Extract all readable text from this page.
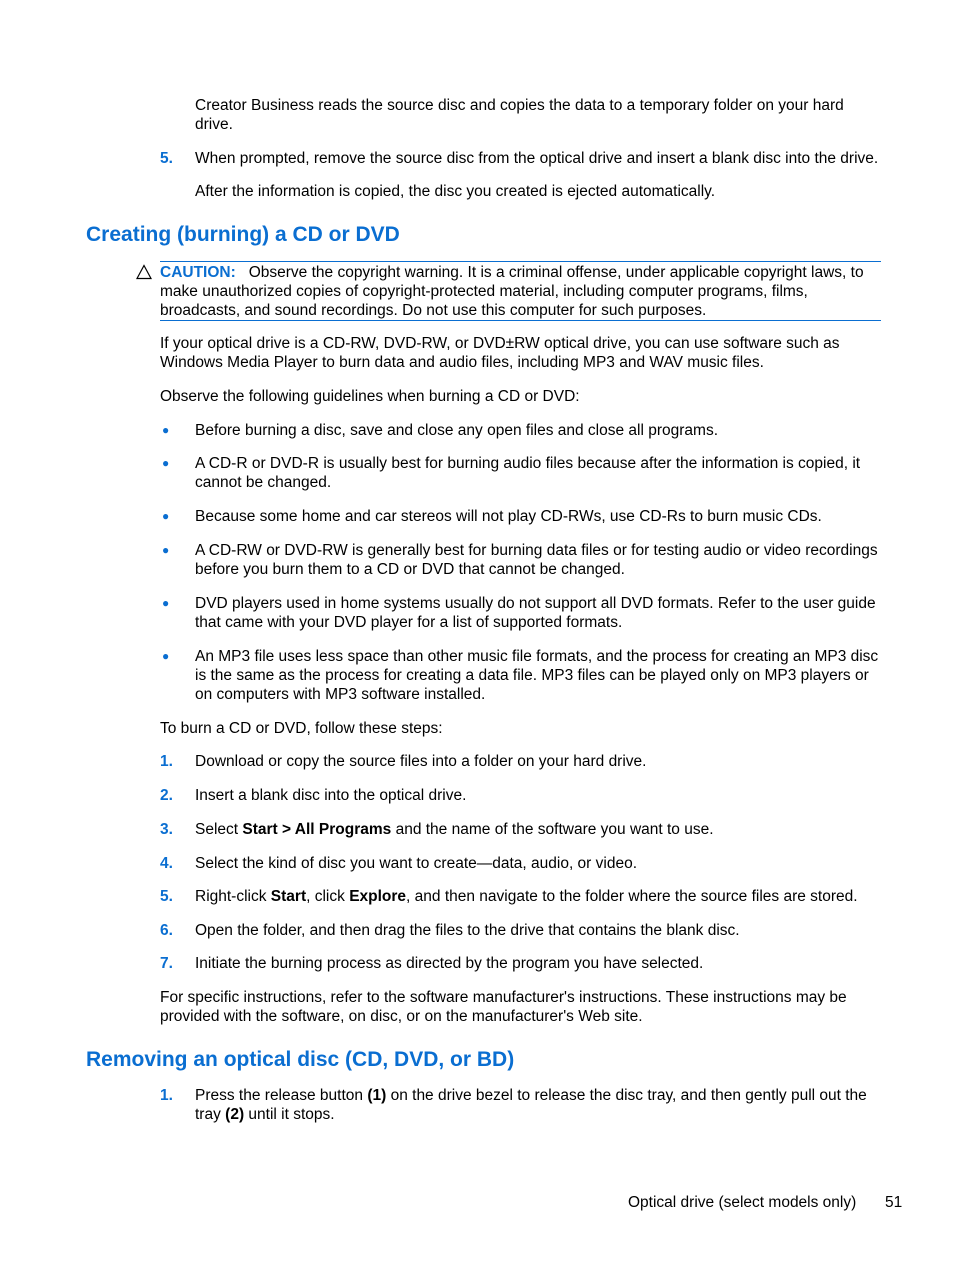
Creator Business reads the source disc and copies the data to a temporary folder on your hard drive.
5. When prompted, remove the source disc from the optical drive and insert a blank disc into the drive.
After the information is copied, the disc you created is ejected automatically.
Creating (burning) a CD or DVD
CAUTION: Observe the copyright warning. It is a criminal offense, under applicable copyright laws, to make unauthorized copies of copyright-protected material, including computer programs, films, broadcasts, and sound recordings. Do not use this computer for such purposes.
If your optical drive is a CD-RW, DVD-RW, or DVD±RW optical drive, you can use software such as Windows Media Player to burn data and audio files, including MP3 and WAV music files.
Observe the following guidelines when burning a CD or DVD:
● Before burning a disc, save and close any open files and close all programs.
● A CD-R or DVD-R is usually best for burning audio files because after the information is copied, it cannot be changed.
● Because some home and car stereos will not play CD-RWs, use CD-Rs to burn music CDs.
● A CD-RW or DVD-RW is generally best for burning data files or for testing audio or video recordings before you burn them to a CD or DVD that cannot be changed.
● DVD players used in home systems usually do not support all DVD formats. Refer to the user guide that came with your DVD player for a list of supported formats.
● An MP3 file uses less space than other music file formats, and the process for creating an MP3 disc is the same as the process for creating a data file. MP3 files can be played only on MP3 players or on computers with MP3 software installed.
To burn a CD or DVD, follow these steps:
1. Download or copy the source files into a folder on your hard drive.
2. Insert a blank disc into the optical drive.
3. Select Start > All Programs and the name of the software you want to use.
4. Select the kind of disc you want to create—data, audio, or video.
5. Right-click Start, click Explore, and then navigate to the folder where the source files are stored.
6. Open the folder, and then drag the files to the drive that contains the blank disc.
7. Initiate the burning process as directed by the program you have selected.
For specific instructions, refer to the software manufacturer's instructions. These instructions may be provided with the software, on disc, or on the manufacturer's Web site.
Removing an optical disc (CD, DVD, or BD)
1. Press the release button (1) on the drive bezel to release the disc tray, and then gently pull out the tray (2) until it stops.
Optical drive (select models only) 51
